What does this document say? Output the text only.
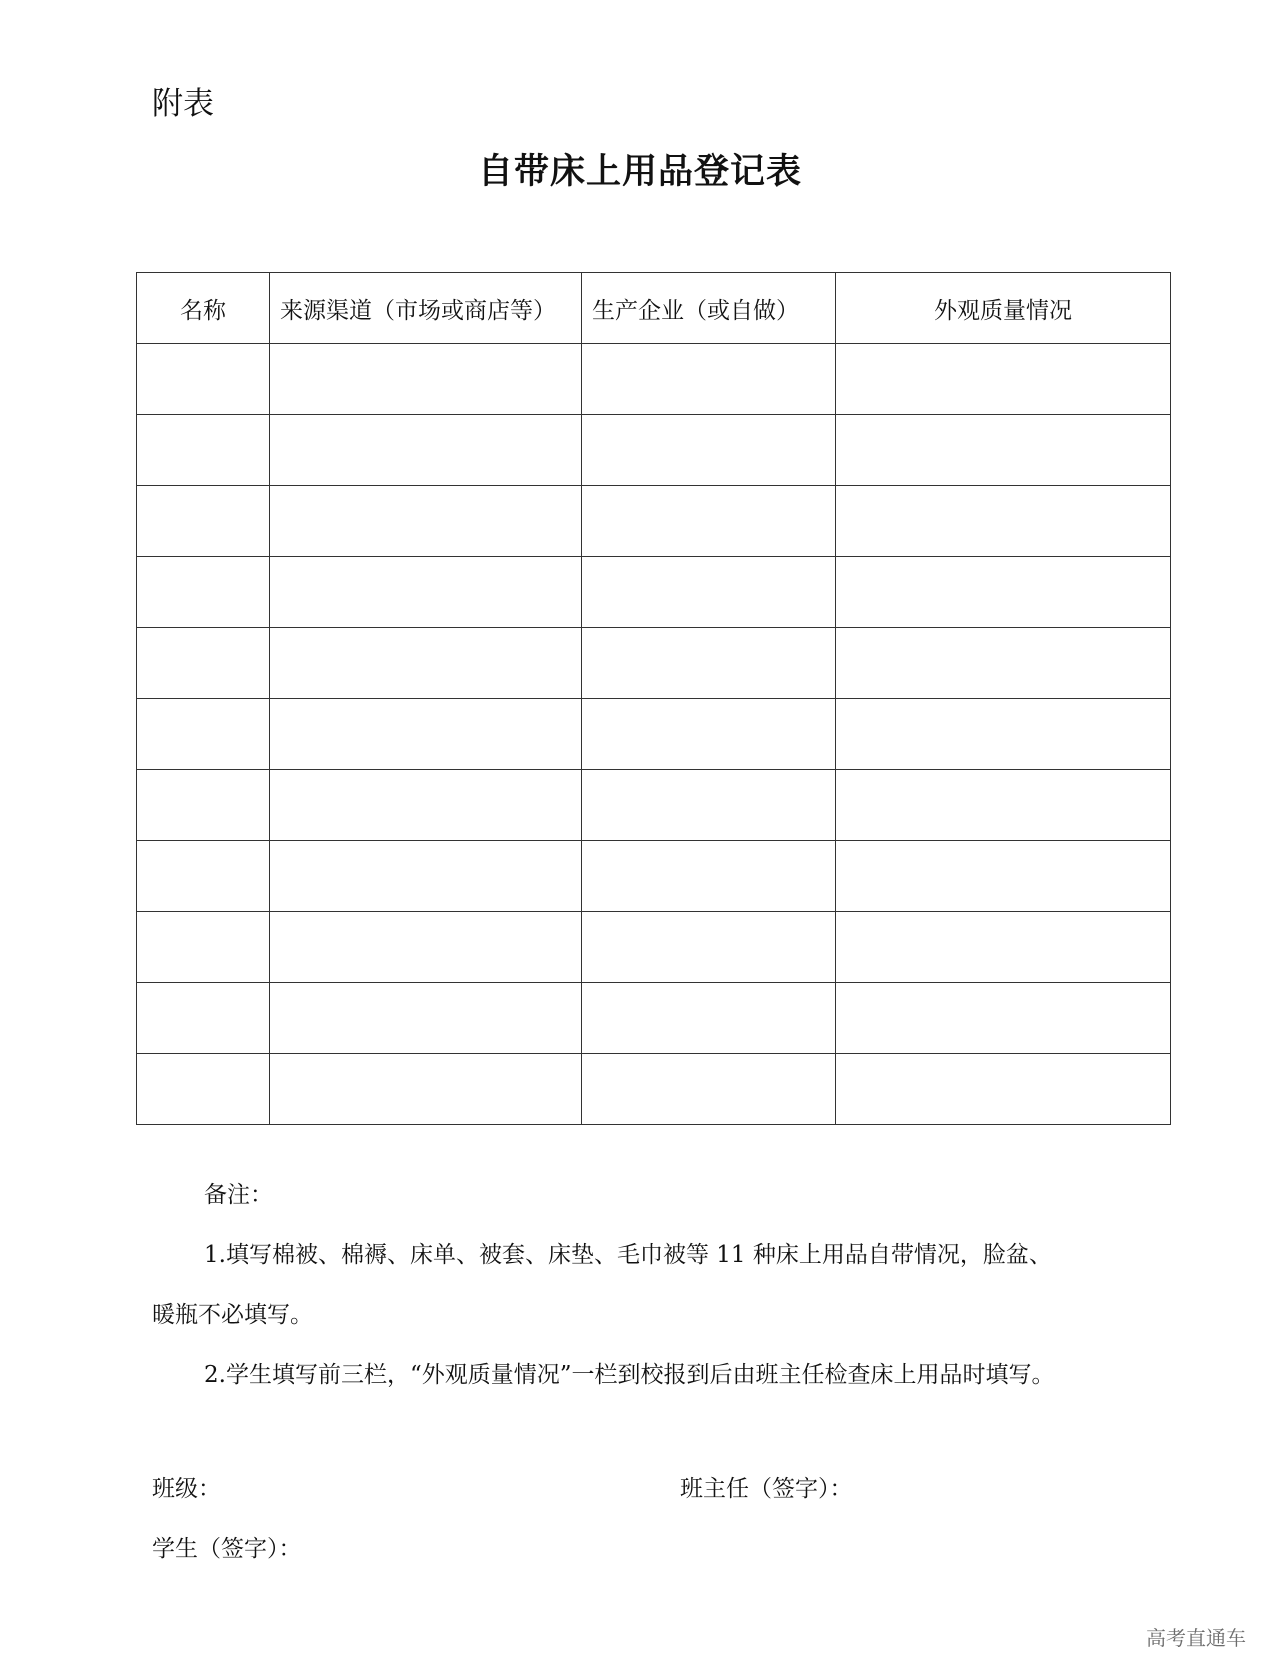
附表
自带床上用品登记表
名称	来源渠道（市场或商店等）	生产企业（或自做）	外观质量情况

备注：

1.填写棉被、棉褥、床单、被套、床垫、毛巾被等 11 种床上用品自带情况，脸盆、

暖瓶不必填写。

2.学生填写前三栏，“外观质量情况”一栏到校报到后由班主任检查床上用品时填写。

班级：	班主任（签字）：
学生（签字）：
高考直通车
